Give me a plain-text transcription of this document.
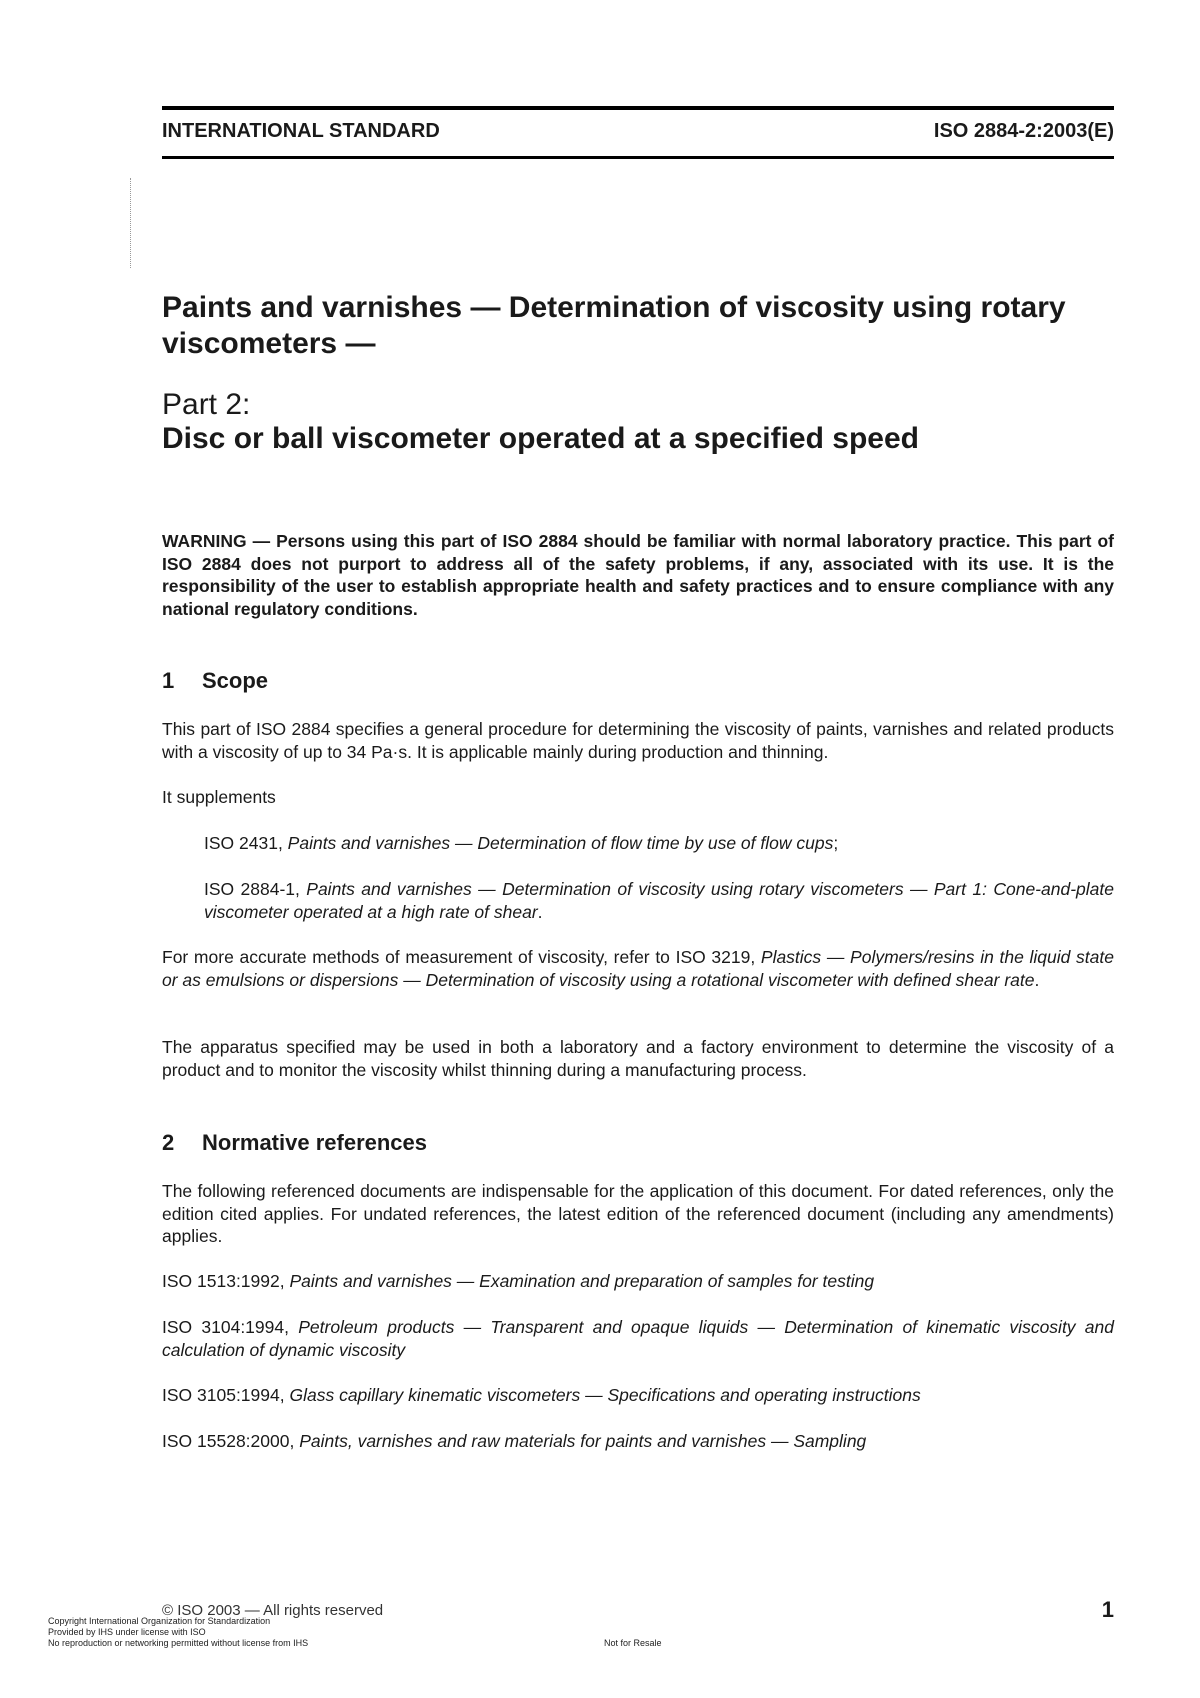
INTERNATIONAL STANDARD	ISO 2884-2:2003(E)
Paints and varnishes — Determination of viscosity using rotary
viscometers —
Part 2:
Disc or ball viscometer operated at a specified speed

WARNING — Persons using this part of ISO 2884 should be familiar with normal laboratory practice. This part of ISO 2884 does not purport to address all of the safety problems, if any, associated with its use. It is the responsibility of the user to establish appropriate health and safety practices and to ensure compliance with any national regulatory conditions.

1 Scope

This part of ISO 2884 specifies a general procedure for determining the viscosity of paints, varnishes and related products with a viscosity of up to 34 Pa·s. It is applicable mainly during production and thinning.

It supplements

ISO 2431, Paints and varnishes — Determination of flow time by use of flow cups;

ISO 2884-1, Paints and varnishes — Determination of viscosity using rotary viscometers — Part 1: Cone-and-plate viscometer operated at a high rate of shear.

For more accurate methods of measurement of viscosity, refer to ISO 3219, Plastics — Polymers/resins in the liquid state or as emulsions or dispersions — Determination of viscosity using a rotational viscometer with defined shear rate.

The apparatus specified may be used in both a laboratory and a factory environment to determine the viscosity of a product and to monitor the viscosity whilst thinning during a manufacturing process.

2 Normative references

The following referenced documents are indispensable for the application of this document. For dated references, only the edition cited applies. For undated references, the latest edition of the referenced document (including any amendments) applies.

ISO 1513:1992, Paints and varnishes — Examination and preparation of samples for testing

ISO 3104:1994, Petroleum products — Transparent and opaque liquids — Determination of kinematic viscosity and calculation of dynamic viscosity

ISO 3105:1994, Glass capillary kinematic viscometers — Specifications and operating instructions

ISO 15528:2000, Paints, varnishes and raw materials for paints and varnishes — Sampling

© ISO 2003 — All rights reserved	1
Copyright International Organization for Standardization
Provided by IHS under license with ISO
No reproduction or networking permitted without license from IHS	Not for Resale
